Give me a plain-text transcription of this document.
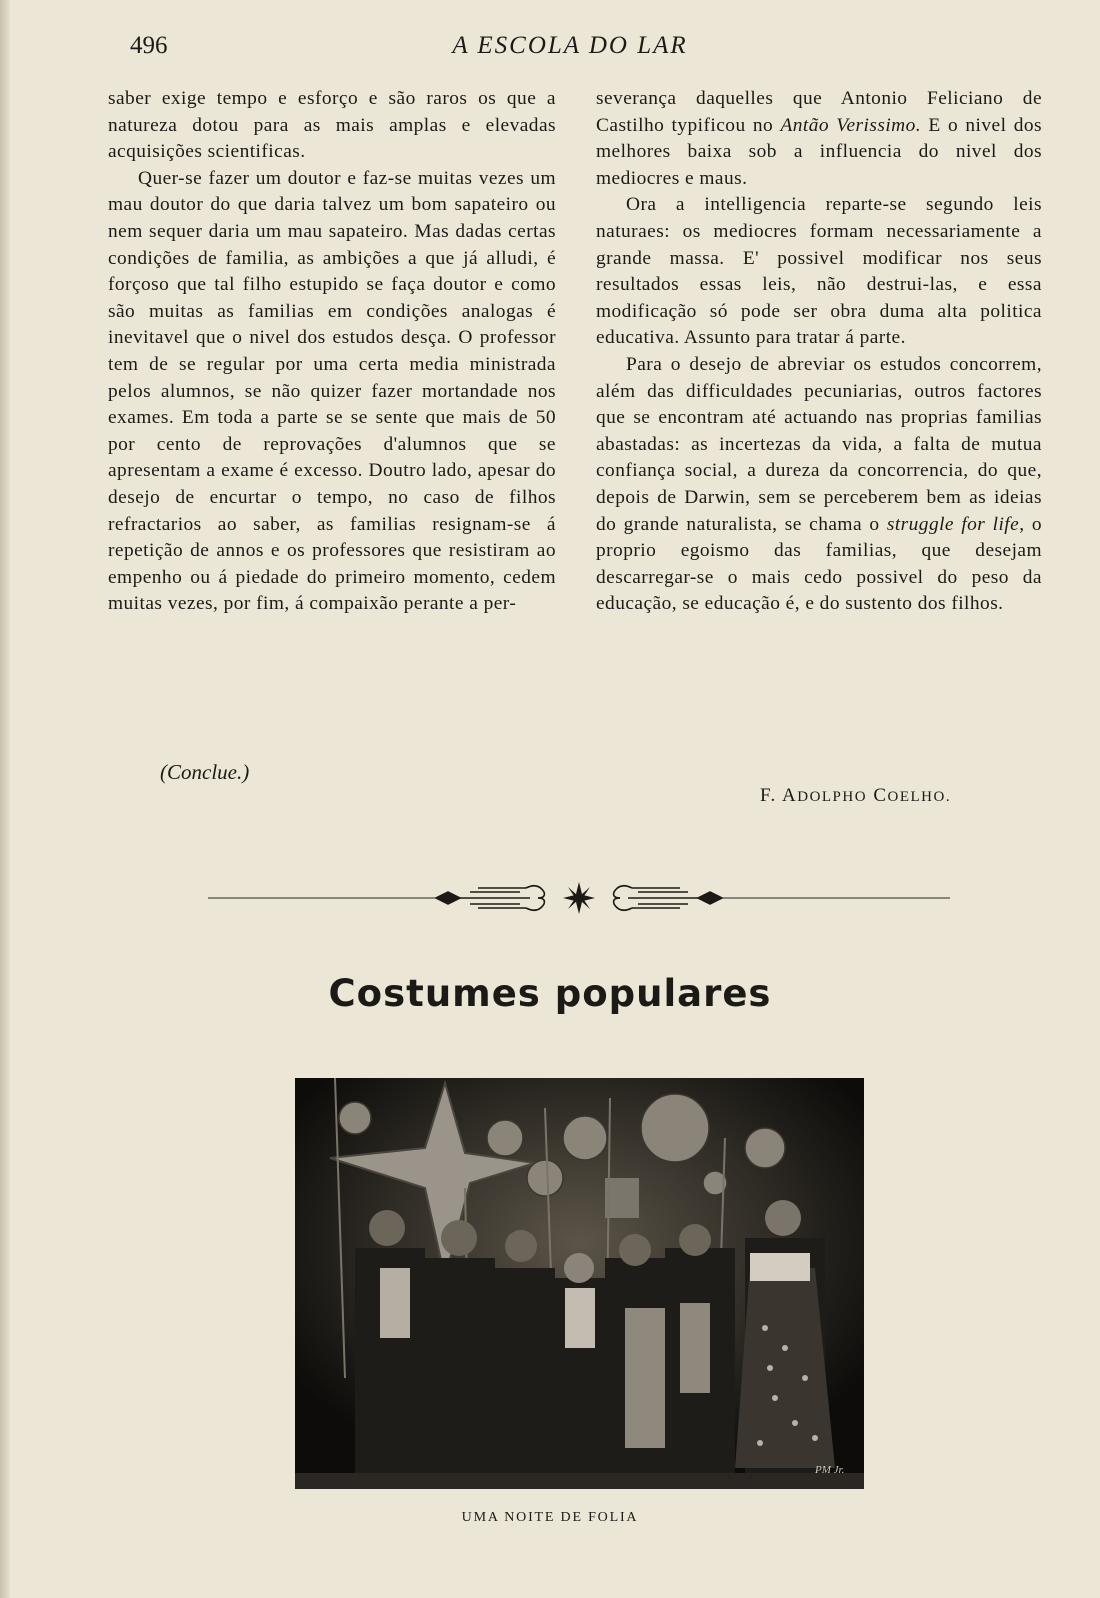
496	A ESCOLA DO LAR

saber exige tempo e esforço e são raros os que a natureza dotou para as mais amplas e elevadas acquisições scientificas.

Quer-se fazer um doutor e faz-se muitas vezes um mau doutor do que daria talvez um bom sapateiro ou nem sequer daria um mau sapateiro. Mas dadas certas condições de familia, as ambições a que já alludi, é forçoso que tal filho estupido se faça doutor e como são muitas as familias em condições analogas é inevitavel que o nivel dos estudos desça. O professor tem de se regular por uma certa media ministrada pelos alumnos, se não quizer fazer mortandade nos exames. Em toda a parte se se sente que mais de 50 por cento de reprovações d'alumnos que se apresentam a exame é excesso. Doutro lado, apesar do desejo de encurtar o tempo, no caso de filhos refractarios ao saber, as familias resignam-se á repetição de annos e os professores que resistiram ao empenho ou á piedade do primeiro momento, cedem muitas vezes, por fim, á compaixão perante a per-

severança daquelles que Antonio Feliciano de Castilho typificou no Antão Verissimo. E o nivel dos melhores baixa sob a influencia do nivel dos mediocres e maus.

Ora a intelligencia reparte-se segundo leis naturaes: os mediocres formam necessariamente a grande massa. E' possivel modificar nos seus resultados essas leis, não destrui-las, e essa modificação só pode ser obra duma alta politica educativa. Assunto para tratar á parte.

Para o desejo de abreviar os estudos concorrem, além das difficuldades pecuniarias, outros factores que se encontram até actuando nas proprias familias abastadas: as incertezas da vida, a falta de mutua confiança social, a dureza da concorrencia, do que, depois de Darwin, sem se perceberem bem as ideias do grande naturalista, se chama o struggle for life, o proprio egoismo das familias, que desejam descarregar-se o mais cedo possivel do peso da educação, se educação é, e do sustento dos filhos.

(Conclue.)
F. ADOLPHO COELHO.
Costumes populares
PM Jr.
UMA NOITE DE FOLIA
